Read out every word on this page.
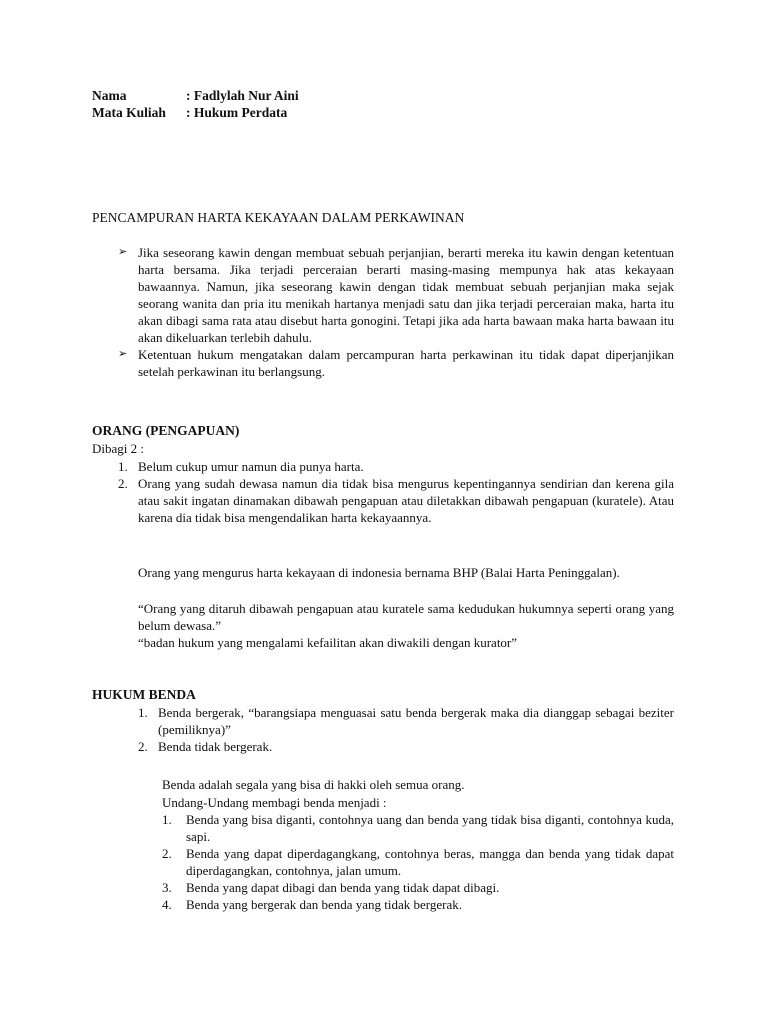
Nama	: Fadlylah Nur Aini
Mata Kuliah	: Hukum Perdata
PENCAMPURAN HARTA KEKAYAAN DALAM PERKAWINAN
➢ Jika seseorang kawin dengan membuat sebuah perjanjian, berarti mereka itu kawin dengan ketentuan harta bersama. Jika terjadi perceraian berarti masing-masing mempunya hak atas kekayaan bawaannya. Namun, jika seseorang kawin dengan tidak membuat sebuah perjanjian maka sejak seorang wanita dan pria itu menikah hartanya menjadi satu dan jika terjadi perceraian maka, harta itu akan dibagi sama rata atau disebut harta gonogini. Tetapi jika ada harta bawaan maka harta bawaan itu akan dikeluarkan terlebih dahulu.
➢ Ketentuan hukum mengatakan dalam percampuran harta perkawinan itu tidak dapat diperjanjikan setelah perkawinan itu berlangsung.
ORANG (PENGAPUAN)
Dibagi 2 :
1. Belum cukup umur namun dia punya harta.
2. Orang yang sudah dewasa namun dia tidak bisa mengurus kepentingannya sendirian dan kerena gila atau sakit ingatan dinamakan dibawah pengapuan atau diletakkan dibawah pengapuan (kuratele). Atau karena dia tidak bisa mengendalikan harta kekayaannya.
Orang yang mengurus harta kekayaan di indonesia bernama BHP (Balai Harta Peninggalan).
“Orang yang ditaruh dibawah pengapuan atau kuratele sama kedudukan hukumnya seperti orang yang belum dewasa.”
“badan hukum yang mengalami kefailitan akan diwakili dengan kurator”
HUKUM BENDA
1. Benda bergerak, “barangsiapa menguasai satu benda bergerak maka dia dianggap sebagai beziter (pemiliknya)”
2. Benda tidak bergerak.
Benda adalah segala yang bisa di hakki oleh semua orang.
Undang-Undang membagi benda menjadi :
1.	Benda yang bisa diganti, contohnya uang dan benda yang tidak bisa diganti, contohnya kuda, sapi.
2.	Benda yang dapat diperdagangkang, contohnya beras, mangga dan benda yang tidak dapat diperdagangkan, contohnya, jalan umum.
3.	Benda yang dapat dibagi dan benda yang tidak dapat dibagi.
4.	Benda yang bergerak dan benda yang tidak bergerak.
